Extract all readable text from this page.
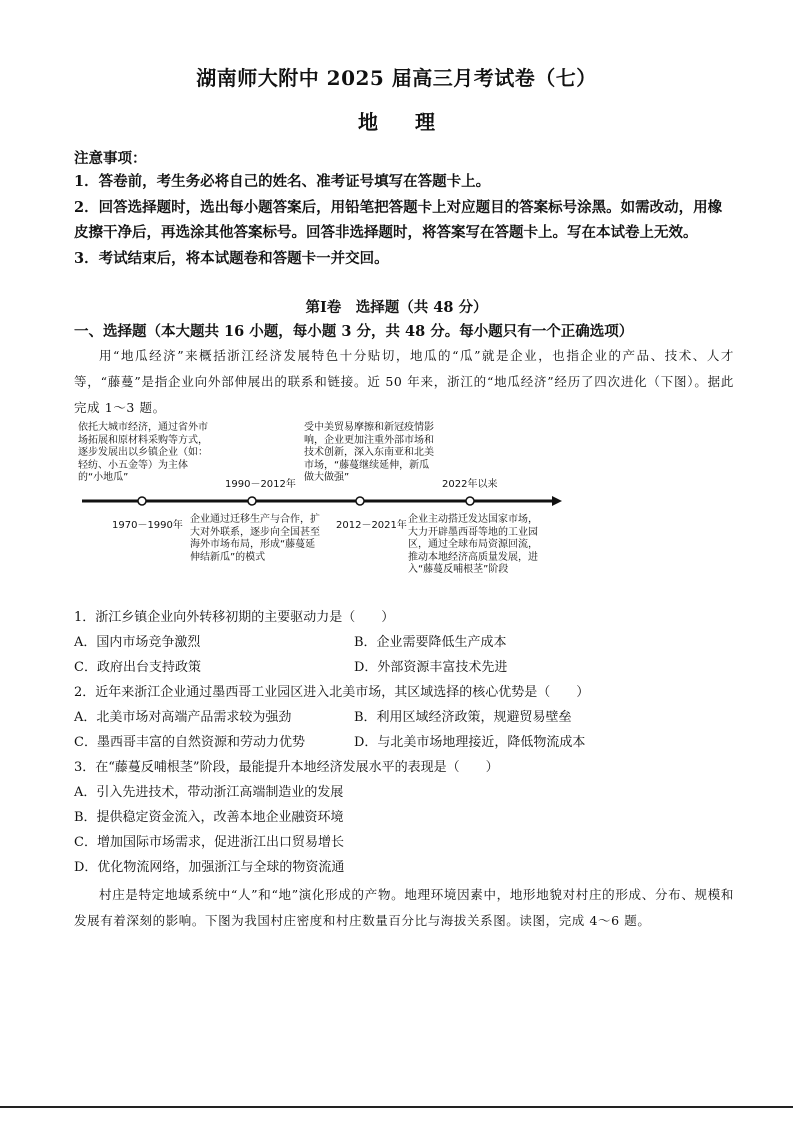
湖南师大附中 2025 届高三月考试卷（七）
地 理
注意事项：
1．答卷前，考生务必将自己的姓名、准考证号填写在答题卡上。
2．回答选择题时，选出每小题答案后，用铅笔把答题卡上对应题目的答案标号涂黑。如需改动，用橡皮擦干净后，再选涂其他答案标号。回答非选择题时，将答案写在答题卡上。写在本试卷上无效。
3．考试结束后，将本试题卷和答题卡一并交回。
第Ⅰ卷　选择题（共 48 分）
一、选择题（本大题共 16 小题，每小题 3 分，共 48 分。每小题只有一个正确选项）
用“地瓜经济”来概括浙江经济发展特色十分贴切，地瓜的“瓜”就是企业，也指企业的产品、技术、人才等，“藤蔓”是指企业向外部伸展出的联系和链接。近 50 年来，浙江的“地瓜经济”经历了四次进化（下图）。据此完成 1～3 题。
1970－1990年
1990－2012年
2012－2021年
2022年以来
依托大城市经济，通过省外市场拓展和原材料采购等方式，逐步发展出以乡镇企业（如：轻纺、小五金等）为主体的“小地瓜”
企业通过迁移生产与合作，扩大对外联系，逐步向全国甚至海外市场布局，形成“藤蔓延伸结新瓜”的模式
受中美贸易摩擦和新冠疫情影响，企业更加注重外部市场和技术创新，深入东南亚和北美市场，“藤蔓继续延伸，新瓜做大做强”
企业主动搭迁发达国家市场，大力开辟墨西哥等地的工业园区，通过全球布局资源回流，推动本地经济高质量发展，进入“藤蔓反哺根茎”阶段
1．浙江乡镇企业向外转移初期的主要驱动力是（　　）
A．国内市场竞争激烈	B．企业需要降低生产成本
C．政府出台支持政策	D．外部资源丰富技术先进
2．近年来浙江企业通过墨西哥工业园区进入北美市场，其区域选择的核心优势是（　　）
A．北美市场对高端产品需求较为强劲	B．利用区域经济政策，规避贸易壁垒
C．墨西哥丰富的自然资源和劳动力优势	D．与北美市场地理接近，降低物流成本
3．在“藤蔓反哺根茎”阶段，最能提升本地经济发展水平的表现是（　　）
A．引入先进技术，带动浙江高端制造业的发展
B．提供稳定资金流入，改善本地企业融资环境
C．增加国际市场需求，促进浙江出口贸易增长
D．优化物流网络，加强浙江与全球的物资流通
村庄是特定地域系统中“人”和“地”演化形成的产物。地理环境因素中，地形地貌对村庄的形成、分布、规模和发展有着深刻的影响。下图为我国村庄密度和村庄数量百分比与海拔关系图。读图，完成 4～6 题。
